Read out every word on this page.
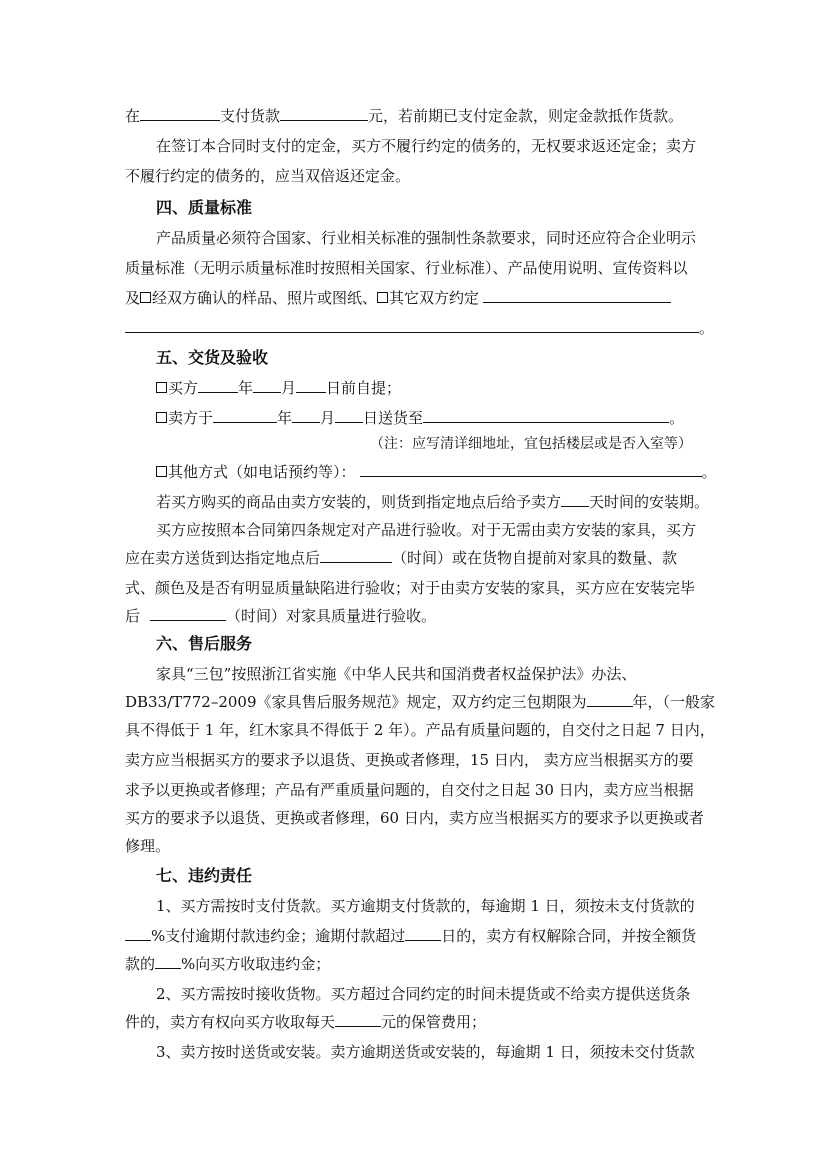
在	支付货款	元，若前期已支付定金款，则定金款抵作货款。
在签订本合同时支付的定金，买方不履行约定的债务的，无权要求返还定金；卖方
不履行约定的债务的，应当双倍返还定金。
四、质量标准
产品质量必须符合国家、行业相关标准的强制性条款要求，同时还应符合企业明示
质量标准（无明示质量标准时按照相关国家、行业标准）、产品使用说明、宣传资料以
及 经双方确认的样品、照片或图纸、 其它双方约定
。
五、交货及验收
买方	年 月 日前自提；
卖方于	年 月 日送货至	。
（注：应写清详细地址，宜包括楼层或是否入室等）
其他方式（如电话预约等）：	。
若买方购买的商品由卖方安装的，则货到指定地点后给予卖方 天时间的安装期。
买方应按照本合同第四条规定对产品进行验收。对于无需由卖方安装的家具，买方
应在卖方送货到达指定地点后	（时间）或在货物自提前对家具的数量、款
式、颜色及是否有明显质量缺陷进行验收；对于由卖方安装的家具，买方应在安装完毕
后	（时间）对家具质量进行验收。
六、售后服务
家具“三包”按照浙江省实施《中华人民共和国消费者权益保护法》办法、
DB33/T772–2009《家具售后服务规范》规定，双方约定三包期限为	年，（一般家
具不得低于 1 年，红木家具不得低于 2 年）。产品有质量问题的，自交付之日起 7 日内，
卖方应当根据买方的要求予以退货、更换或者修理，15 日内， 卖方应当根据买方的要
求予以更换或者修理；产品有严重质量问题的，自交付之日起 30 日内，卖方应当根据
买方的要求予以退货、更换或者修理，60 日内，卖方应当根据买方的要求予以更换或者
修理。
七、违约责任
1、买方需按时支付货款。买方逾期支付货款的，每逾期 1 日，须按未支付货款的
%支付逾期付款违约金；逾期付款超过 日的，卖方有权解除合同，并按全额货
款的 %向买方收取违约金；
2、买方需按时接收货物。买方超过合同约定的时间未提货或不给卖方提供送货条
件的，卖方有权向买方收取每天	元的保管费用；
3、卖方按时送货或安装。卖方逾期送货或安装的，每逾期 1 日，须按未交付货款
